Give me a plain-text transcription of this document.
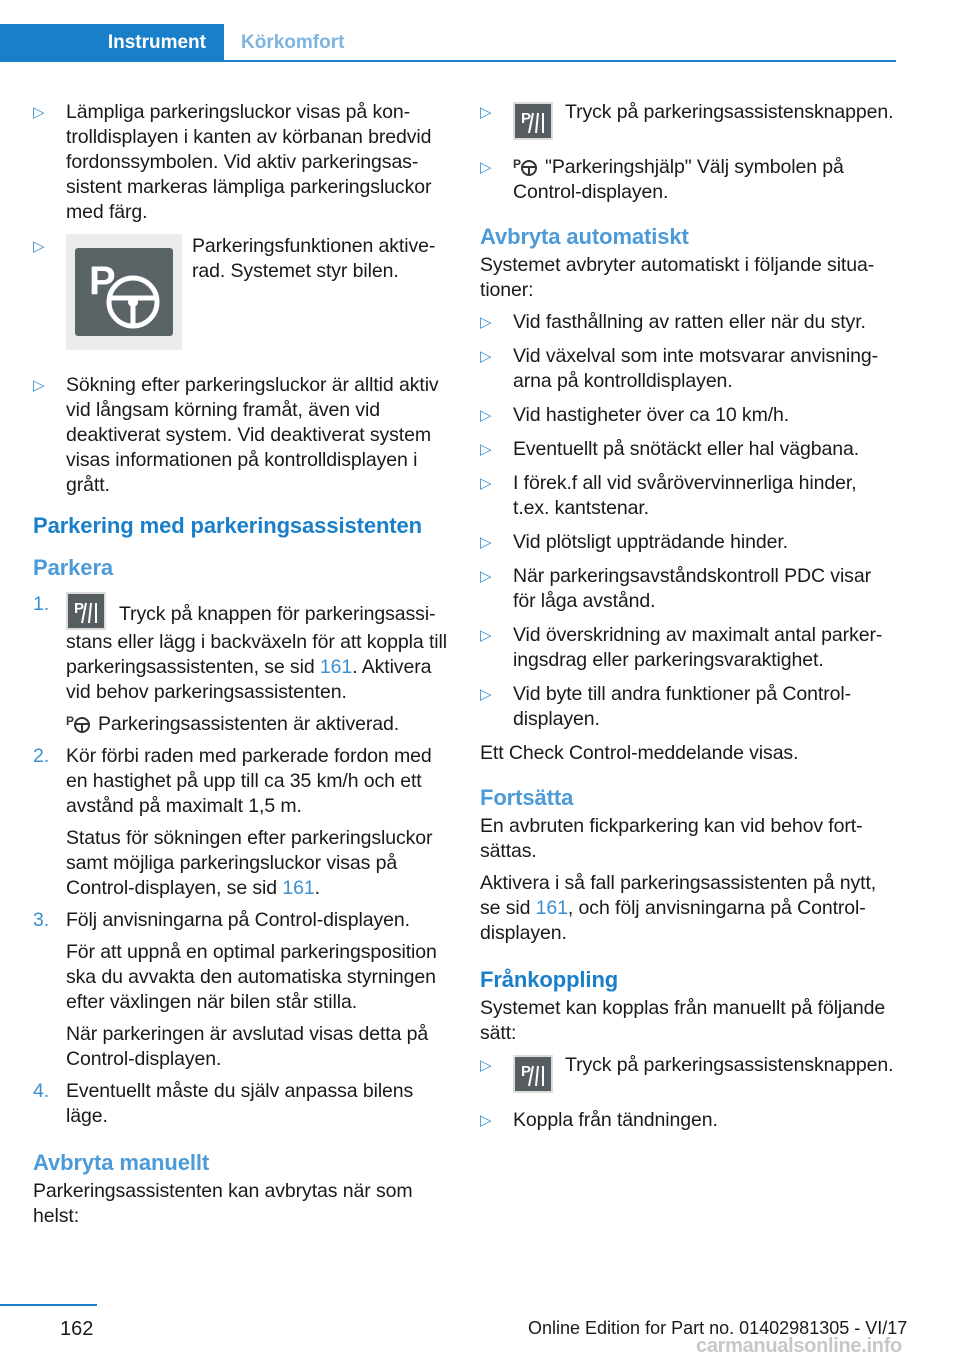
Instrument	Körkomfort
▷ Lämpliga parkeringsluckor visas på kontrolldisplayen i kanten av körbanan bredvid fordonssymbolen. Vid aktiv parkeringsassistent markeras lämpliga parkeringsluckor med färg.
▷
P
Parkeringsfunktionen aktiverad. Systemet styr bilen.
▷ Sökning efter parkeringsluckor är alltid aktiv vid långsam körning framåt, även vid deaktiverat system. Vid deaktiverat system visas informationen på kontrolldisplayen i grått.
Parkering med parkeringsassistenten
Parkera
1. P Tryck på knappen för parkeringsassistans eller lägg i backväxeln för att koppla till parkeringsassistenten, se sid 161. Aktivera vid behov parkeringsassistenten.

P Parkeringsassistenten är aktiverad.

2. Kör förbi raden med parkerade fordon med en hastighet på upp till ca 35 km/h och ett avstånd på maximalt 1,5 m.

Status för sökningen efter parkeringsluckor samt möjliga parkeringsluckor visas på Control-displayen, se sid 161.

3. Följ anvisningarna på Control-displayen.

För att uppnå en optimal parkeringsposition ska du avvakta den automatiska styrningen efter växlingen när bilen står stilla.

När parkeringen är avslutad visas detta på Control-displayen.

4. Eventuellt måste du själv anpassa bilens läge.

Avbryta manuellt
Parkeringsassistenten kan avbrytas när som helst:
▷ P Tryck på parkeringsassistensknappen.
▷ P "Parkeringshjälp" Välj symbolen på Control-displayen.
Avbryta automatiskt
Systemet avbryter automatiskt i följande situationer:
▷ Vid fasthållning av ratten eller när du styr.
▷ Vid växelval som inte motsvarar anvisningarna på kontrolldisplayen.
▷ Vid hastigheter över ca 10 km/h.
▷ Eventuellt på snötäckt eller hal vägbana.
▷ I förek.f all vid svårövervinnerliga hinder, t.ex. kantstenar.
▷ Vid plötsligt uppträdande hinder.
▷ När parkeringsavståndskontroll PDC visar för låga avstånd.
▷ Vid överskridning av maximalt antal parkeringsdrag eller parkeringsvaraktighet.
▷ Vid byte till andra funktioner på Control-displayen.
Ett Check Control-meddelande visas.
Fortsätta
En avbruten fickparkering kan vid behov fortsättas.
Aktivera i så fall parkeringsassistenten på nytt, se sid 161, och följ anvisningarna på Control-displayen.
Frånkoppling
Systemet kan kopplas från manuellt på följande sätt:
▷ P Tryck på parkeringsassistensknappen.
▷ Koppla från tändningen.
162	Online Edition for Part no. 01402981305 - VI/17
carmanualsonline.info
